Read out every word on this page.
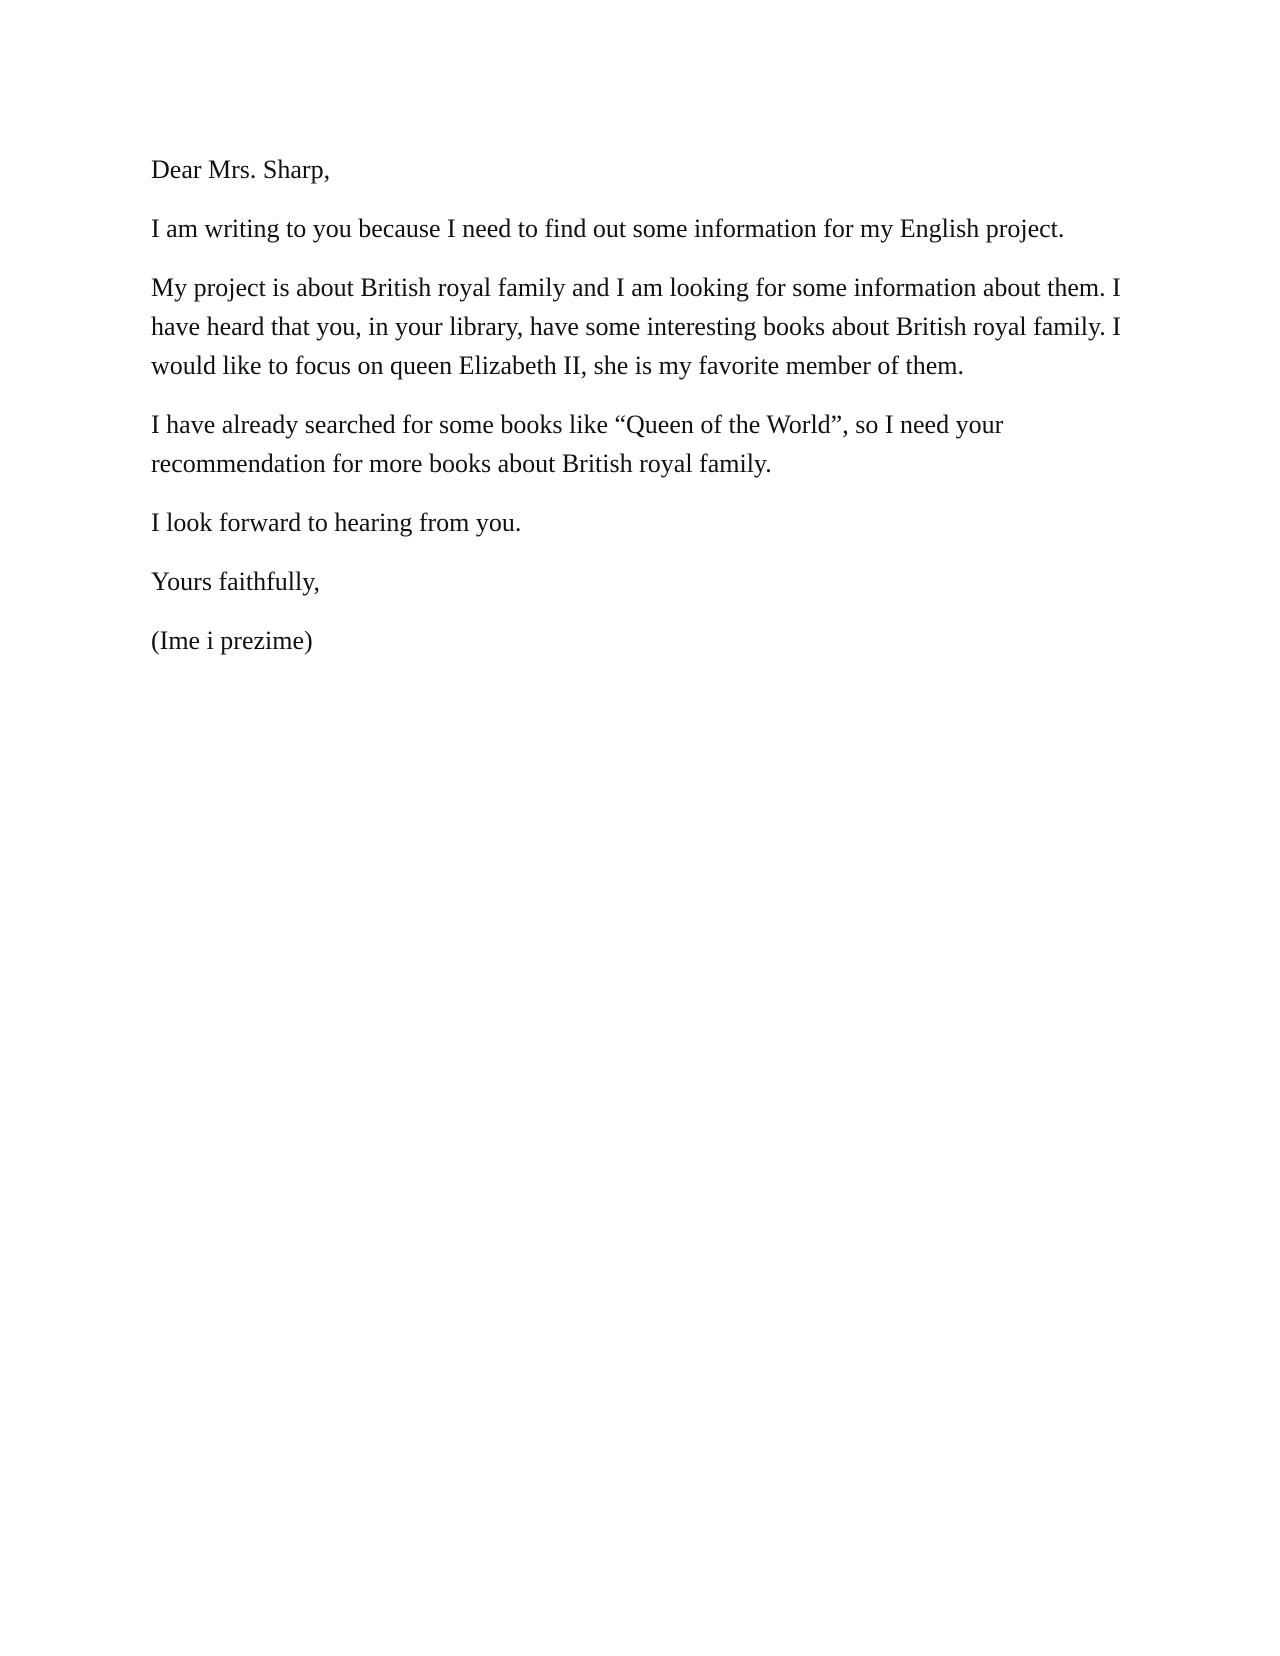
Dear Mrs. Sharp,

I am writing to you because I need to find out some information for my English project.

My project is about British royal family and I am looking for some information about them. I have heard that you, in your library, have some interesting books about British royal family. I would like to focus on queen Elizabeth II, she is my favorite member of them.

I have already searched for some books like “Queen of the World”, so I need your recommendation for more books about British royal family.

I look forward to hearing from you.

Yours faithfully,

(Ime i prezime)
